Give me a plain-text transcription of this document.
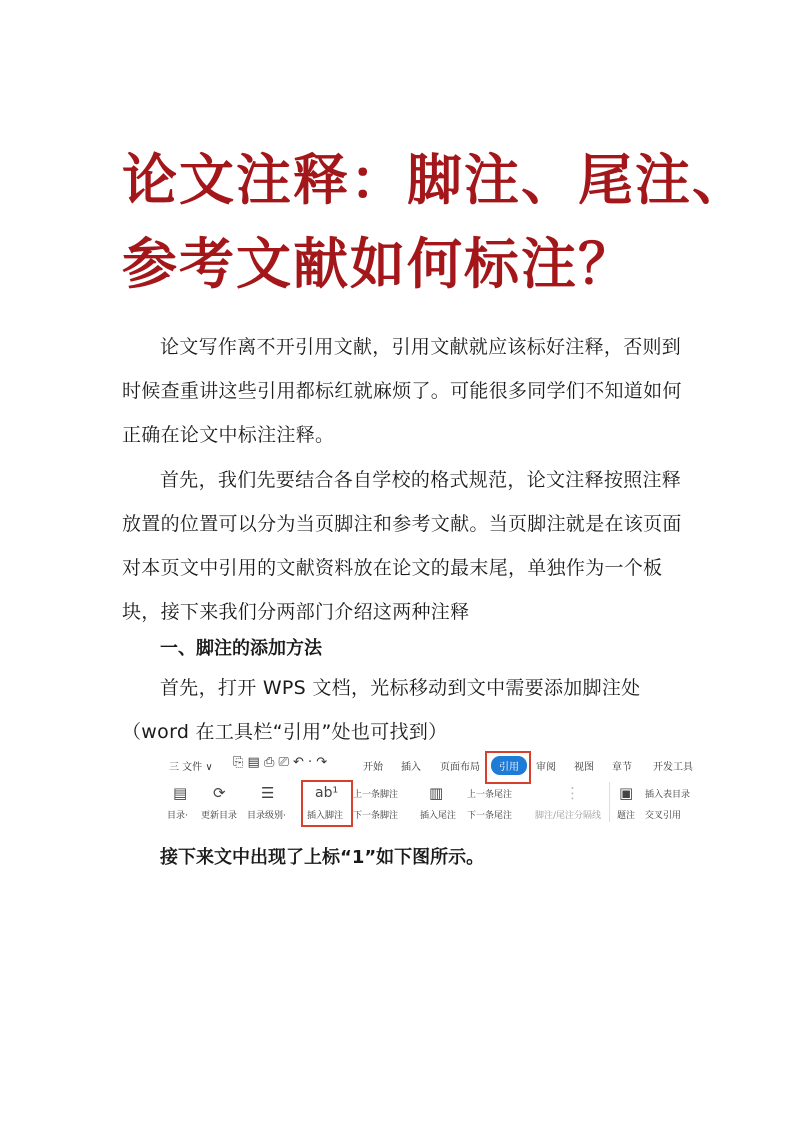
论文注释：脚注、尾注、
参考文献如何标注？

论文写作离不开引用文献，引用文献就应该标好注释，否则到时候查重讲这些引用都标红就麻烦了。可能很多同学们不知道如何正确在论文中标注注释。

首先，我们先要结合各自学校的格式规范，论文注释按照注释放置的位置可以分为当页脚注和参考文献。当页脚注就是在该页面对本页文中引用的文献资料放在论文的最末尾，单独作为一个板块，接下来我们分两部门介绍这两种注释

一、脚注的添加方法

首先，打开 WPS 文档，光标移动到文中需要添加脚注处（word 在工具栏“引用”处也可找到）

三 文件 ∨ ⎘ ▤ ⎙ ⎚ ↶ · ↷	开始 插入 页面布局	引用	审阅 视图 章节 开发工具
▤
目录·
⟳
更新目录
☰
目录级别·
ab¹
插入脚注
上一条脚注
下一条脚注
▥
插入尾注
上一条尾注
下一条尾注
⋮
脚注/尾注分隔线
▣
题注
插入表目录
交叉引用
接下来文中出现了上标“1”如下图所示。
